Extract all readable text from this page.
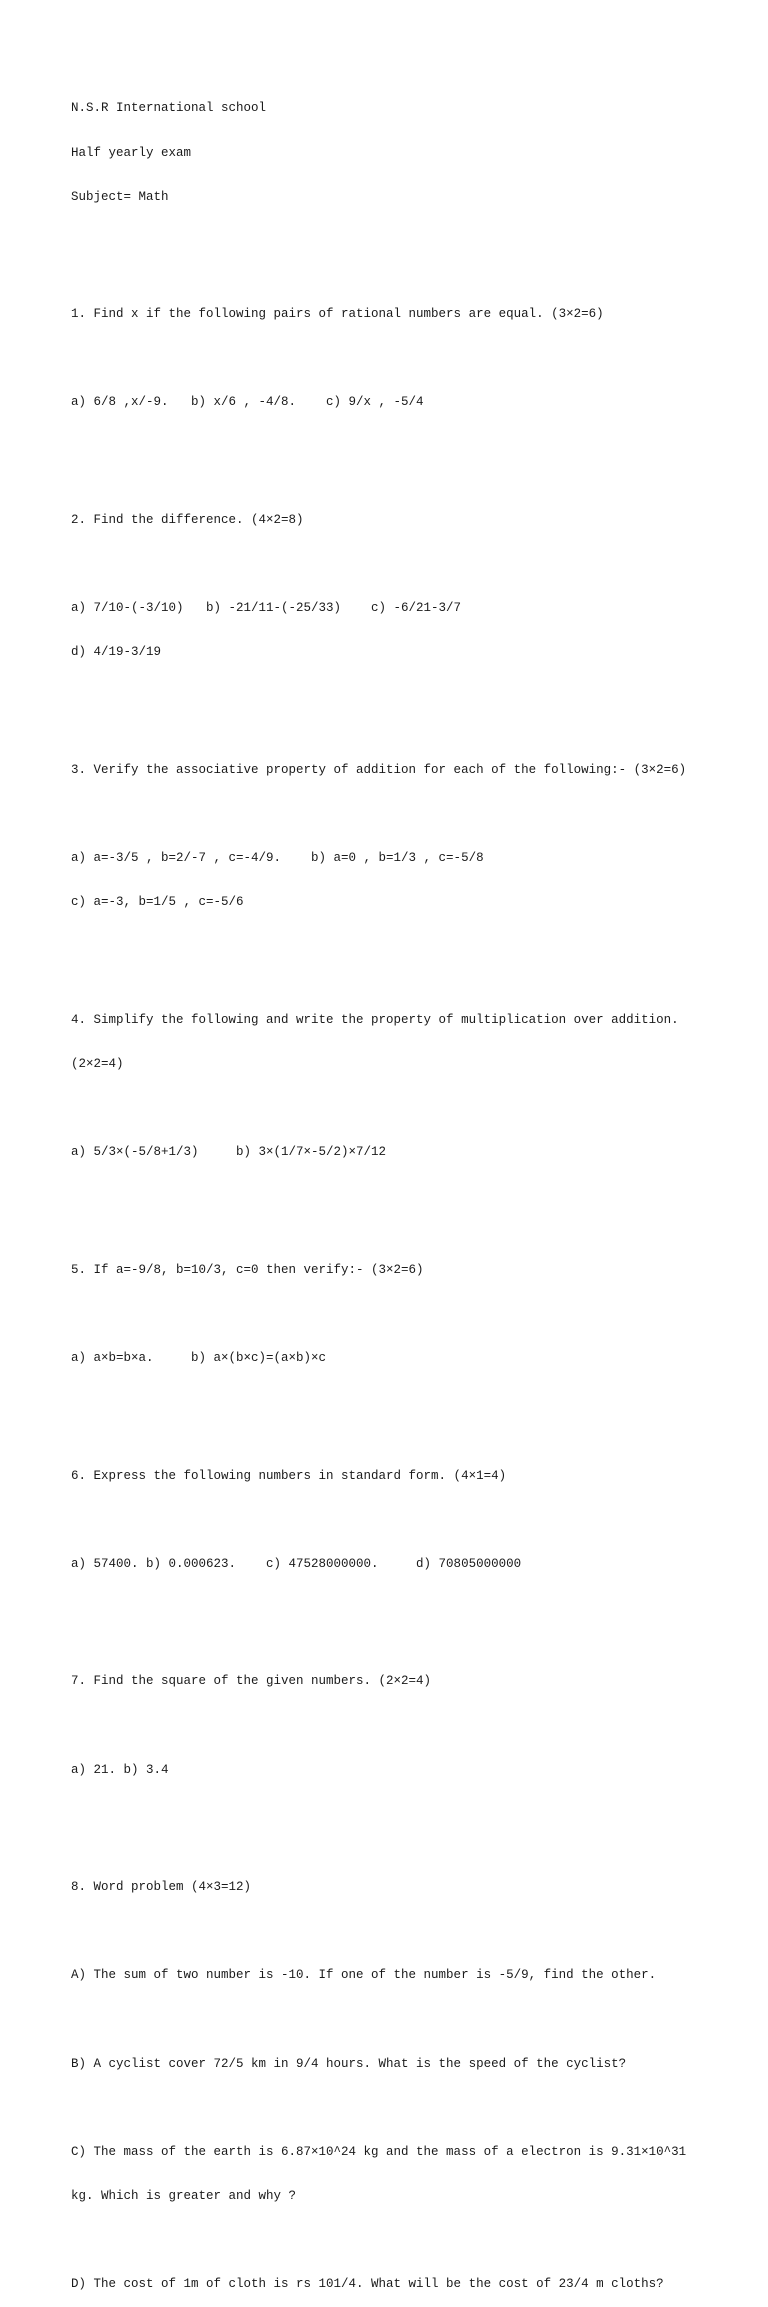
N.S.R International school

Half yearly exam

Subject= Math

1. Find x if the following pairs of rational numbers are equal. (3×2=6)

a) 6/8 ,x/-9.   b) x/6 , -4/8.    c) 9/x , -5/4

2. Find the difference. (4×2=8)

a) 7/10-(-3/10)   b) -21/11-(-25/33)    c) -6/21-3/7

d) 4/19-3/19

3. Verify the associative property of addition for each of the following:- (3×2=6)

a) a=-3/5 , b=2/-7 , c=-4/9.    b) a=0 , b=1/3 , c=-5/8

c) a=-3, b=1/5 , c=-5/6

4. Simplify the following and write the property of multiplication over addition.

(2×2=4)

a) 5/3×(-5/8+1/3)     b) 3×(1/7×-5/2)×7/12

5. If a=-9/8, b=10/3, c=0 then verify:- (3×2=6)

a) a×b=b×a.     b) a×(b×c)=(a×b)×c

6. Express the following numbers in standard form. (4×1=4)

a) 57400. b) 0.000623.    c) 47528000000.     d) 70805000000

7. Find the square of the given numbers. (2×2=4)

a) 21. b) 3.4

8. Word problem (4×3=12)

A) The sum of two number is -10. If one of the number is -5/9, find the other.

B) A cyclist cover 72/5 km in 9/4 hours. What is the speed of the cyclist?

C) The mass of the earth is 6.87×10^24 kg and the mass of a electron is 9.31×10^31

kg. Which is greater and why ?

D) The cost of 1m of cloth is rs 101/4. What will be the cost of 23/4 m cloths?
